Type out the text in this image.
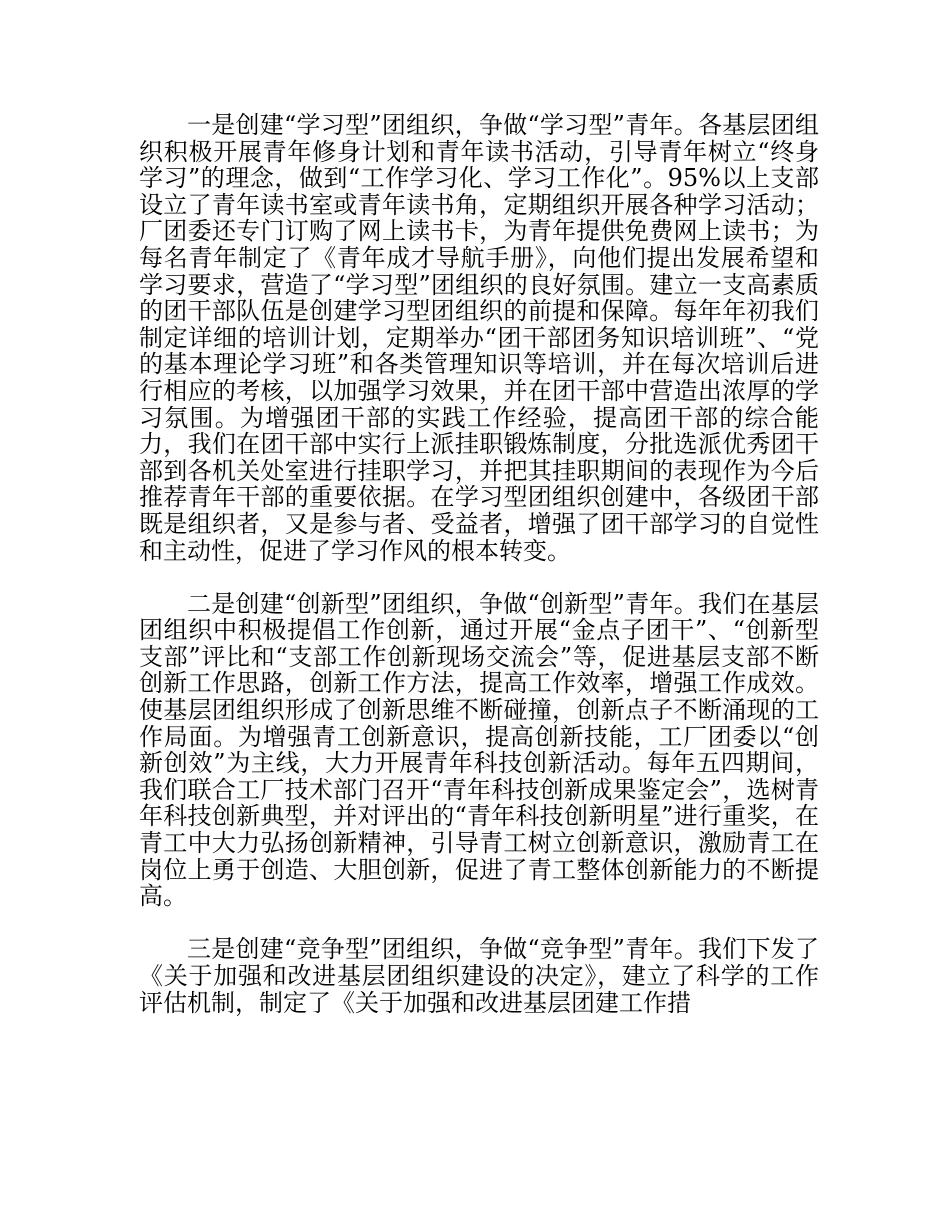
一是创建“学习型”团组织，争做“学习型”青年。各基层团组织积极开展青年修身计划和青年读书活动，引导青年树立“终身学习”的理念，做到“工作学习化、学习工作化”。95%以上支部设立了青年读书室或青年读书角，定期组织开展各种学习活动；厂团委还专门订购了网上读书卡，为青年提供免费网上读书；为每名青年制定了《青年成才导航手册》，向他们提出发展希望和学习要求，营造了“学习型”团组织的良好氛围。建立一支高素质的团干部队伍是创建学习型团组织的前提和保障。每年年初我们制定详细的培训计划，定期举办“团干部团务知识培训班”、“党的基本理论学习班”和各类管理知识等培训，并在每次培训后进行相应的考核，以加强学习效果，并在团干部中营造出浓厚的学习氛围。为增强团干部的实践工作经验，提高团干部的综合能力，我们在团干部中实行上派挂职锻炼制度，分批选派优秀团干部到各机关处室进行挂职学习，并把其挂职期间的表现作为今后推荐青年干部的重要依据。在学习型团组织创建中，各级团干部既是组织者，又是参与者、受益者，增强了团干部学习的自觉性和主动性，促进了学习作风的根本转变。

二是创建“创新型”团组织，争做“创新型”青年。我们在基层团组织中积极提倡工作创新，通过开展“金点子团干”、“创新型支部”评比和“支部工作创新现场交流会”等，促进基层支部不断创新工作思路，创新工作方法，提高工作效率，增强工作成效。使基层团组织形成了创新思维不断碰撞，创新点子不断涌现的工作局面。为增强青工创新意识，提高创新技能，工厂团委以“创新创效”为主线，大力开展青年科技创新活动。每年五四期间，我们联合工厂技术部门召开“青年科技创新成果鉴定会”，选树青年科技创新典型，并对评出的“青年科技创新明星”进行重奖，在青工中大力弘扬创新精神，引导青工树立创新意识，激励青工在岗位上勇于创造、大胆创新，促进了青工整体创新能力的不断提高。

三是创建“竞争型”团组织，争做“竞争型”青年。我们下发了《关于加强和改进基层团组织建设的决定》，建立了科学的工作评估机制，制定了《关于加强和改进基层团建工作措
